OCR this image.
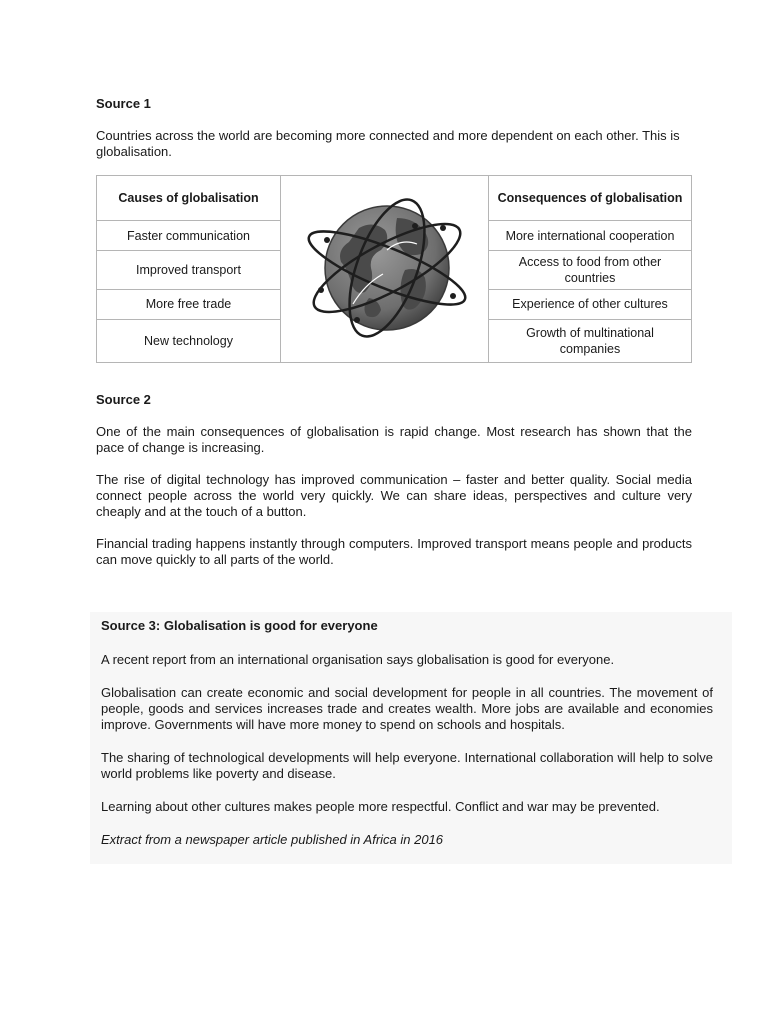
Source 1

Countries across the world are becoming more connected and more dependent on each other. This is globalisation.

Causes of globalisation		Consequences of globalisation
Faster communication		More international cooperation
Improved transport		Access to food from other countries
More free trade		Experience of other cultures
New technology		Growth of multinational companies
Source 2

One of the main consequences of globalisation is rapid change. Most research has shown that the pace of change is increasing.

The rise of digital technology has improved communication – faster and better quality. Social media connect people across the world very quickly. We can share ideas, perspectives and culture very cheaply and at the touch of a button.

Financial trading happens instantly through computers. Improved transport means people and products can move quickly to all parts of the world.

Source 3: Globalisation is good for everyone

A recent report from an international organisation says globalisation is good for everyone.

Globalisation can create economic and social development for people in all countries. The movement of people, goods and services increases trade and creates wealth. More jobs are available and economies improve. Governments will have more money to spend on schools and hospitals.

The sharing of technological developments will help everyone. International collaboration will help to solve world problems like poverty and disease.

Learning about other cultures makes people more respectful. Conflict and war may be prevented.

Extract from a newspaper article published in Africa in 2016
